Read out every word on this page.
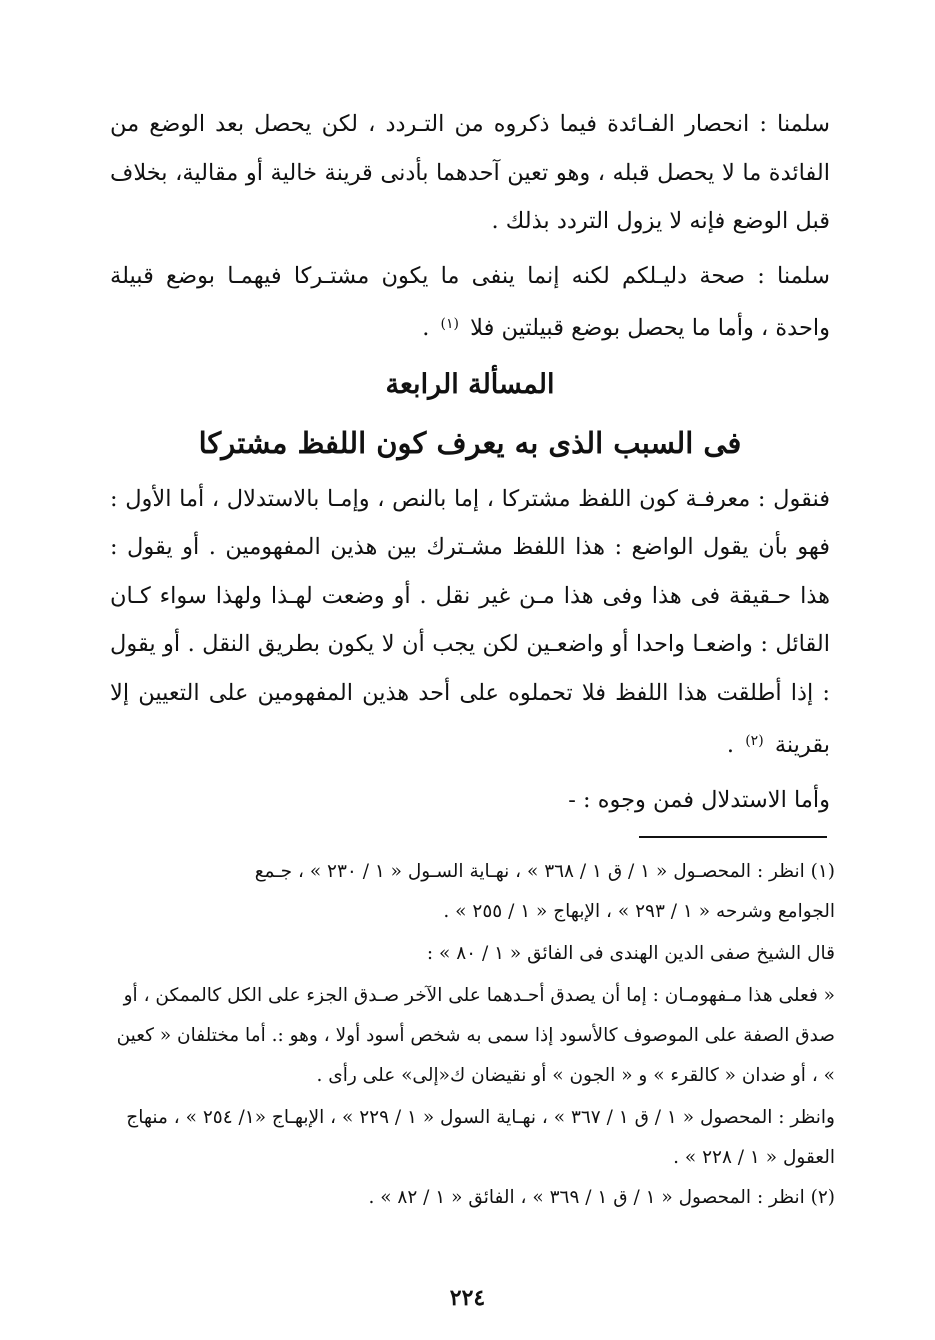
سلمنا : انحصار الفـائدة فيما ذكروه من التـردد ، لكن يحصل بعد الوضع من الفائدة ما لا يحصل قبله ، وهو تعين آحدهما بأدنى قرينة خالية أو مقالية، بخلاف قبل الوضع فإنه لا يزول التردد بذلك .

سلمنا : صحة دليـلكم لكنه إنما ينفى ما يكون مشتـركا فيهمـا بوضع قبيلة واحدة ، وأما ما يحصل بوضع قبيلتين فلا $^{(١)}$ .

المسألة الرابعة

فى السبب الذى به يعرف كون اللفظ مشتركا

فنقول : معرفـة كون اللفظ مشتركا ، إما بالنص ، وإمـا بالاستدلال ، أما الأول : فهو بأن يقول الواضع : هذا اللفظ مشـترك بين هذين المفهومين . أو يقول : هذا حـقيقة فى هذا وفى هذا مـن غير نقل . أو وضعت لهـذا ولهذا سواء كـان القائل : واضعـا واحدا أو واضعـين لكن يجب أن لا يكون بطريق النقل . أو يقول : إذا أطلقت هذا اللفظ فلا تحملوه على أحد هذين المفهومين على التعيين إلا بقرينة $^{(٢)}$ .

وأما الاستدلال فمن وجوه : -

(١) انظر : المحصـول « ١ / ق ١ / ٣٦٨ » ، نهـاية السـول « ١ / ٢٣٠ » ، جـمع

الجوامع وشرحه « ١ / ٢٩٣ » ، الإبهاج « ١ / ٢٥٥ » .

قال الشيخ صفى الدين الهندى فى الفائق « ١ / ٨٠ » :

« فعلى هذا مـفهومـان : إما أن يصدق أحـدهما على الآخر صـدق الجزء على الكل كالممكن ، أو صدق الصفة على الموصوف كالأسود إذا سمى به شخص أسود أولا ، وهو :. أما مختلفان « كعين » ، أو ضدان « كالقرء » و « الجون » أو نقيضان ك«إلى» على رأى .

وانظر : المحصول « ١ / ق ١ / ٣٦٧ » ، نهـاية السول « ١ / ٢٢٩ » ، الإبهـاج «١/ ٢٥٤ » ، منهاج العقول « ١ / ٢٢٨ » .

(٢) انظر : المحصول « ١ / ق ١ / ٣٦٩ » ، الفائق « ١ / ٨٢ » .

٢٢٤
